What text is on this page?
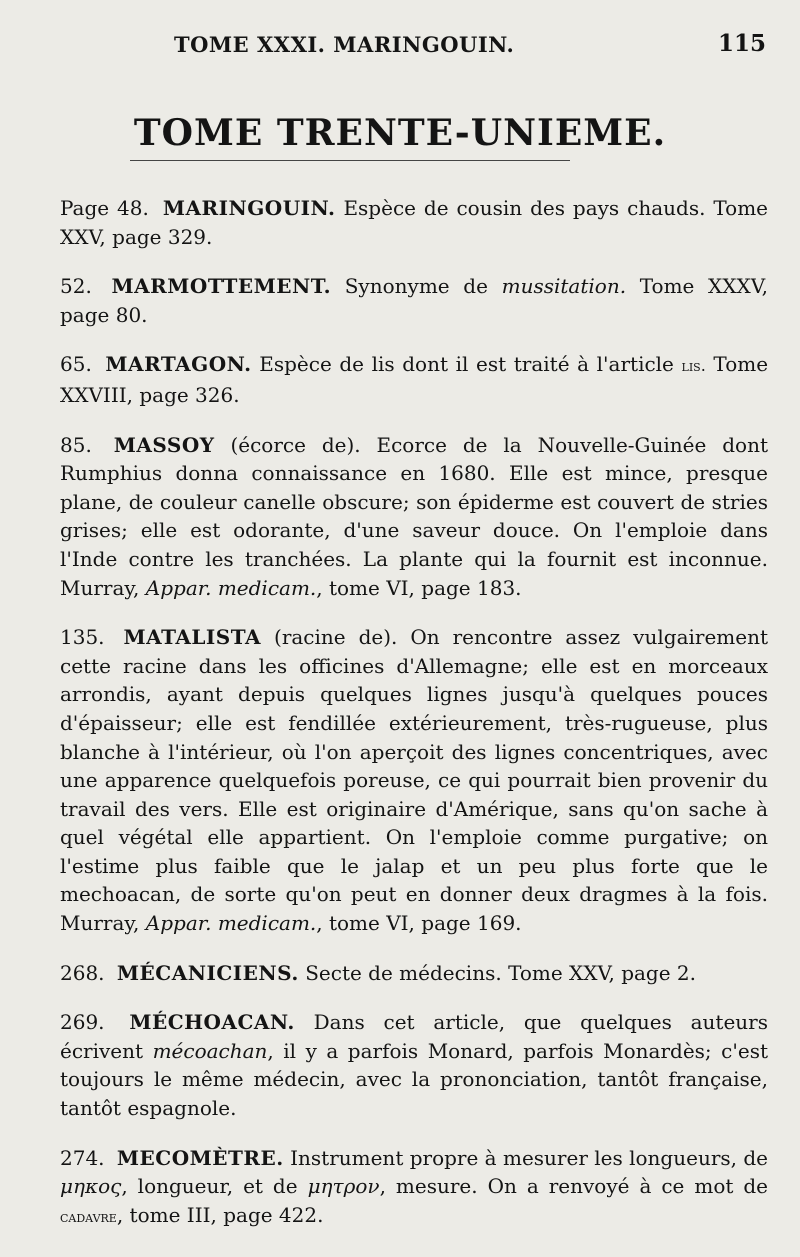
TOME XXXI. MARINGOUIN.	115
TOME TRENTE-UNIEME.

Page 48. MARINGOUIN. Espèce de cousin des pays chauds. Tome XXV, page 329.

52. MARMOTTEMENT. Synonyme de mussitation. Tome XXXV, page 80.

65. MARTAGON. Espèce de lis dont il est traité à l'article lis. Tome XXVIII, page 326.

85. MASSOY (écorce de). Ecorce de la Nouvelle-Guinée dont Rumphius donna connaissance en 1680. Elle est mince, presque plane, de couleur canelle obscure; son épiderme est couvert de stries grises; elle est odorante, d'une saveur douce. On l'emploie dans l'Inde contre les tranchées. La plante qui la fournit est inconnue. Murray, Appar. medicam., tome VI, page 183.

135. MATALISTA (racine de). On rencontre assez vulgairement cette racine dans les officines d'Allemagne; elle est en morceaux arrondis, ayant depuis quelques lignes jusqu'à quelques pouces d'épaisseur; elle est fendillée extérieurement, très-rugueuse, plus blanche à l'intérieur, où l'on aperçoit des lignes concentriques, avec une apparence quelquefois poreuse, ce qui pourrait bien provenir du travail des vers. Elle est originaire d'Amérique, sans qu'on sache à quel végétal elle appartient. On l'emploie comme purgative; on l'estime plus faible que le jalap et un peu plus forte que le mechoacan, de sorte qu'on peut en donner deux dragmes à la fois. Murray, Appar. medicam., tome VI, page 169.

268. MÉCANICIENS. Secte de médecins. Tome XXV, page 2.

269. MÉCHOACAN. Dans cet article, que quelques auteurs écrivent mécoachan, il y a parfois Monard, parfois Monardès; c'est toujours le même médecin, avec la prononciation, tantôt française, tantôt espagnole.

274. MECOMÈTRE. Instrument propre à mesurer les longueurs, de μηκος, longueur, et de μητρον, mesure. On a renvoyé à ce mot de cadavre, tome III, page 422.
